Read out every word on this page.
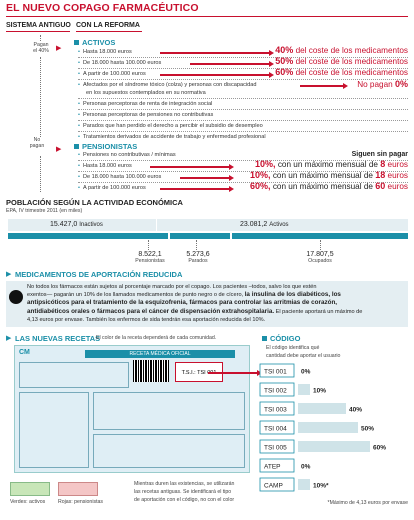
EL NUEVO COPAGO FARMACÉUTICO
SISTEMA ANTIGUO CON LA REFORMA
Pagan
el 40%	▶
No
pagan	▶
ACTIVOS
• Hasta 18.000 euros	40% del coste de los medicamentos
• De 18.000 hasta 100.000 euros	50% del coste de los medicamentos
• A partir de 100.000 euros	60% del coste de los medicamentos
• Afectados por el síndrome tóxico (colza) y personas con discapacidad	No pagan 0%
en los supuestos contemplados en su normativa
• Personas perceptoras de renta de integración social
• Personas perceptoras de pensiones no contributivas
• Parados que han perdido el derecho a percibir el subsidio de desempleo
• Tratamientos derivados de accidente de trabajo y enfermedad profesional
PENSIONISTAS
• Pensiones no contributivas / mínimas	Siguen sin pagar
• Hasta 18.000 euros	10%, con un máximo mensual de 8 euros
• De 18.000 hasta 100.000 euros	10%, con un máximo mensual de 18 euros
• A partir de 100.000 euros	60%, con un máximo mensual de 60 euros
POBLACIÓN SEGÚN LA ACTIVIDAD ECONÓMICA
EPA, IV trimestre 2011 (en miles)
15.427,0 Inactivos	23.081,2 Activos
8.522,1
Pensionistas
5.273,6
Parados
17.807,5
Ocupados
▶ MEDICAMENTOS DE APORTACIÓN REDUCIDA
No todos los fármacos están sujetos al porcentaje marcado por el copago. Los pacientes –todos, salvo los que estén
exentos— pagarán un 10% de los llamados medicamentos de punto negro o de cícero, la insulina de los diabéticos, los
antipsicóticos para el tratamiento de la esquizofrenia, fármacos para controlar las arritmias de corazón,
antidiabéticos orales o fármacos para el cáncer de dispensación extrahospitalaria. El paciente aportará un máximo de
4,13 euros por envase. También los enfermos de sida tendrán esa aportación reducida del 10%.
▶ LAS NUEVAS RECETAS
El color de la receta dependerá de cada comunidad.
CM	RECETA MÉDICA OFICIAL
T.S.I.: TSI 001
Verdes: activos Rojas: pensionistas
Mientras duren las existencias, se utilizarán
las recetas antiguas. Se identificará el tipo
de aportación con el código, no con el color
CÓDIGO
El código identifica qué
cantidad debe aportar el usuario
TSI 001 0%
TSI 002	10%
TSI 003	40%
TSI 004	50%
TSI 005	60%
ATEP	0%
CAMP	10%*
*Máximo de 4,13 euros por envase
